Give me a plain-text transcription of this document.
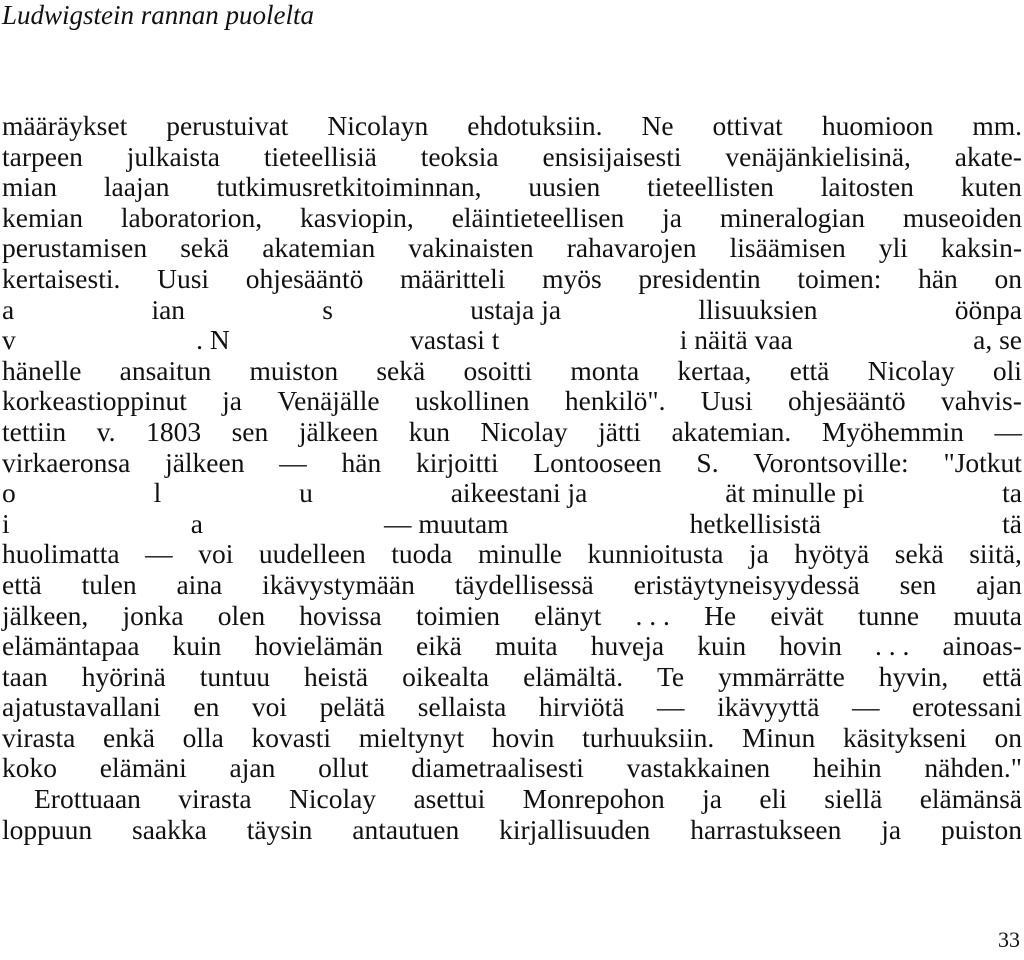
Ludwigstein rannan puolelta
määräykset perustuivat Nicolayn ehdotuksiin. Ne ottivat huomioon mm.
tarpeen julkaista tieteellisiä teoksia ensisijaisesti venäjänkielisinä, akate-
mian laajan tutkimusretkitoiminnan, uusien tieteellisten laitosten kuten
kemian laboratorion, kasviopin, eläintieteellisen ja mineralogian museoiden
perustamisen sekä akatemian vakinaisten rahavarojen lisäämisen yli kaksin-
kertaisesti. Uusi ohjesääntö määritteli myös presidentin toimen: hän on
a	ian	s	ustaja ja	llisuuksien	öönpa
v	. N	vastasi t	i näitä vaa	a, se
hänelle ansaitun muiston sekä osoitti monta kertaa, että Nicolay oli
korkeastioppinut ja Venäjälle uskollinen henkilö". Uusi ohjesääntö vahvis-
tettiin v. 1803 sen jälkeen kun Nicolay jätti akatemian. Myöhemmin —
virkaeronsa jälkeen — hän kirjoitti Lontooseen S. Vorontsoville: "Jotkut
o	l	u	aikeestani ja	ät minulle pi	ta
i	a	— muutam	hetkellisistä	tä
huolimatta — voi uudelleen tuoda minulle kunnioitusta ja hyötyä sekä siitä,
että tulen aina ikävystymään täydellisessä eristäytyneisyydessä sen ajan
jälkeen, jonka olen hovissa toimien elänyt . . . He eivät tunne muuta
elämäntapaa kuin hovielämän eikä muita huveja kuin hovin . . . ainoas-
taan hyörinä tuntuu heistä oikealta elämältä. Te ymmärrätte hyvin, että
ajatustavallani en voi pelätä sellaista hirviötä — ikävyyttä — erotessani
virasta enkä olla kovasti mieltynyt hovin turhuuksiin. Minun käsitykseni on
koko elämäni ajan ollut diametraalisesti vastakkainen heihin nähden."
Erottuaan virasta Nicolay asettui Monrepohon ja eli siellä elämänsä
loppuun saakka täysin antautuen kirjallisuuden harrastukseen ja puiston
33
